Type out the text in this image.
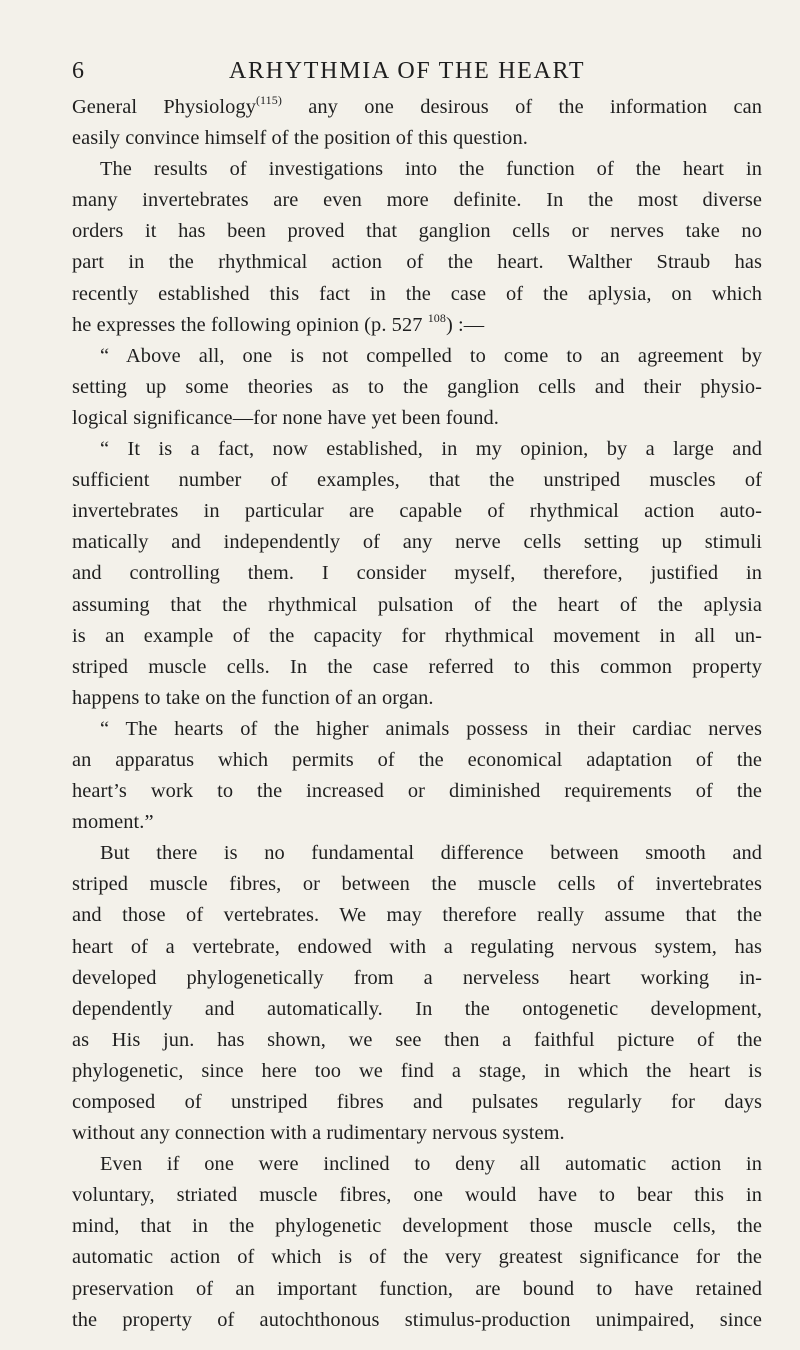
6	ARHYTHMIA OF THE HEART
General Physiology$^{(115)}$ any one desirous of the information can
easily convince himself of the position of this question.
The results of investigations into the function of the heart in
many invertebrates are even more definite. In the most diverse
orders it has been proved that ganglion cells or nerves take no
part in the rhythmical action of the heart. Walther Straub has
recently established this fact in the case of the aplysia, on which
he expresses the following opinion (p. 527 $^{108}$) :—
“ Above all, one is not compelled to come to an agreement by
setting up some theories as to the ganglion cells and their physio-
logical significance—for none have yet been found.
“ It is a fact, now established, in my opinion, by a large and
sufficient number of examples, that the unstriped muscles of
invertebrates in particular are capable of rhythmical action auto-
matically and independently of any nerve cells setting up stimuli
and controlling them. I consider myself, therefore, justified in
assuming that the rhythmical pulsation of the heart of the aplysia
is an example of the capacity for rhythmical movement in all un-
striped muscle cells. In the case referred to this common property
happens to take on the function of an organ.
“ The hearts of the higher animals possess in their cardiac nerves
an apparatus which permits of the economical adaptation of the
heart’s work to the increased or diminished requirements of the
moment.”
But there is no fundamental difference between smooth and
striped muscle fibres, or between the muscle cells of invertebrates
and those of vertebrates. We may therefore really assume that the
heart of a vertebrate, endowed with a regulating nervous system, has
developed phylogenetically from a nerveless heart working in-
dependently and automatically. In the ontogenetic development,
as His jun. has shown, we see then a faithful picture of the
phylogenetic, since here too we find a stage, in which the heart is
composed of unstriped fibres and pulsates regularly for days
without any connection with a rudimentary nervous system.
Even if one were inclined to deny all automatic action in
voluntary, striated muscle fibres, one would have to bear this in
mind, that in the phylogenetic development those muscle cells, the
automatic action of which is of the very greatest significance for the
preservation of an important function, are bound to have retained
the property of autochthonous stimulus-production unimpaired, since
